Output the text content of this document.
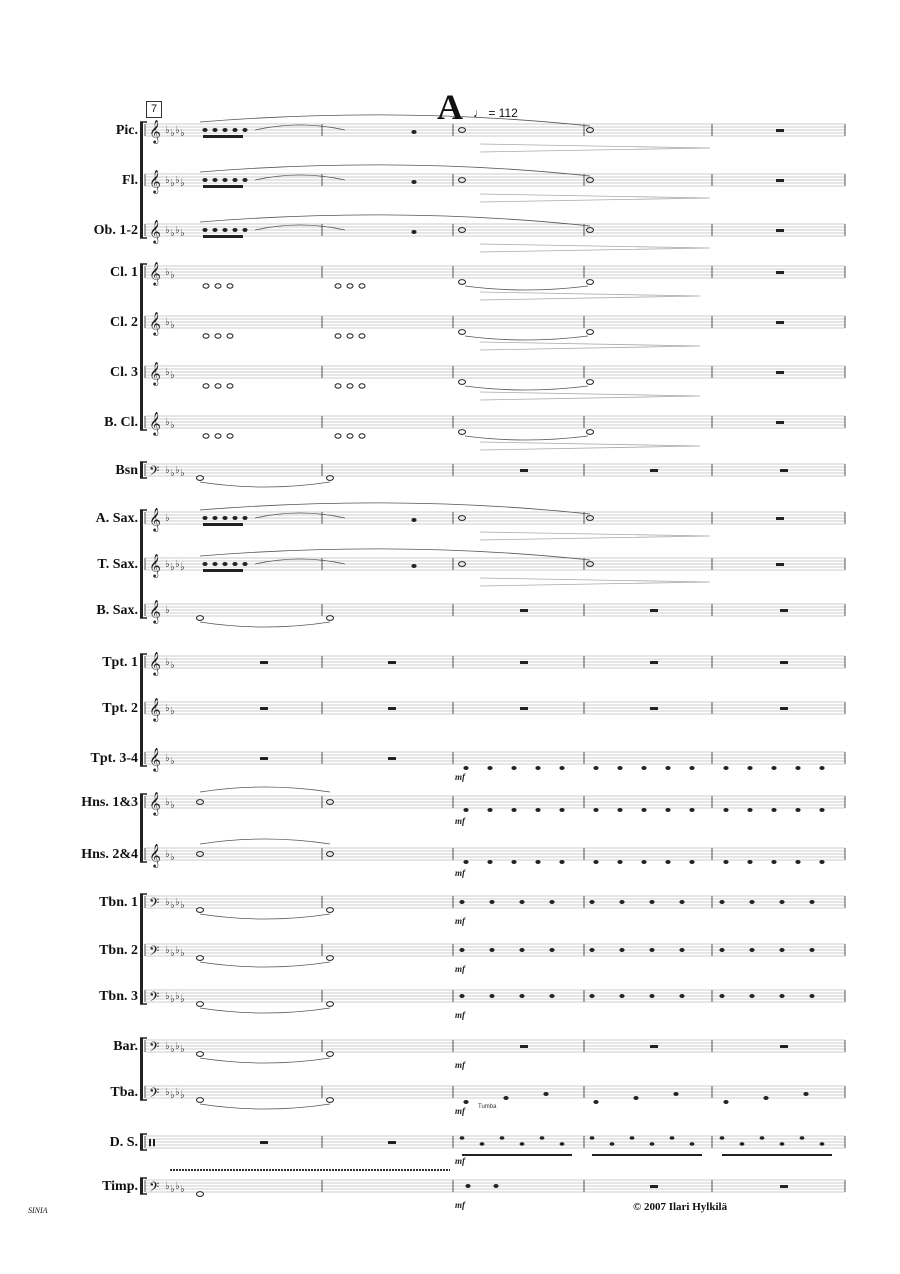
𝄞 ♭ ♭ ♭ ♭
𝄞 ♭ ♭ ♭ ♭
𝄞 ♭ ♭ ♭ ♭
𝄞 ♭ ♭
𝄞 ♭ ♭
𝄞 ♭ ♭
𝄞 ♭ ♭
𝄢 ♭ ♭ ♭ ♭
𝄞 ♭
𝄞 ♭ ♭ ♭ ♭
𝄞 ♭
𝄞 ♭ ♭
𝄞 ♭ ♭
𝄞 ♭ ♭
mf
𝄞 ♭ ♭
mf
𝄞 ♭ ♭
mf
𝄢 ♭ ♭ ♭ ♭
mf
𝄢 ♭ ♭ ♭ ♭
mf
𝄢 ♭ ♭ ♭ ♭
mf
𝄢 ♭ ♭ ♭ ♭
mf
𝄢 ♭ ♭ ♭ ♭
mf Tumba
𝄥
mf
𝄢 ♭ ♭ ♭ ♭
mf
Pic.
Fl.
Ob. 1-2
Cl. 1
Cl. 2
Cl. 3
B. Cl.
Bsn
A. Sax.
T. Sax.
B. Sax.
Tpt. 1
Tpt. 2
Tpt. 3-4
Hns. 1&3
Hns. 2&4
Tbn. 1
Tbn. 2
Tbn. 3
Bar.
Tba.
D. S.
Timp.
7	A ♩ = 112
SINIA	© 2007 Ilari Hylkilä
